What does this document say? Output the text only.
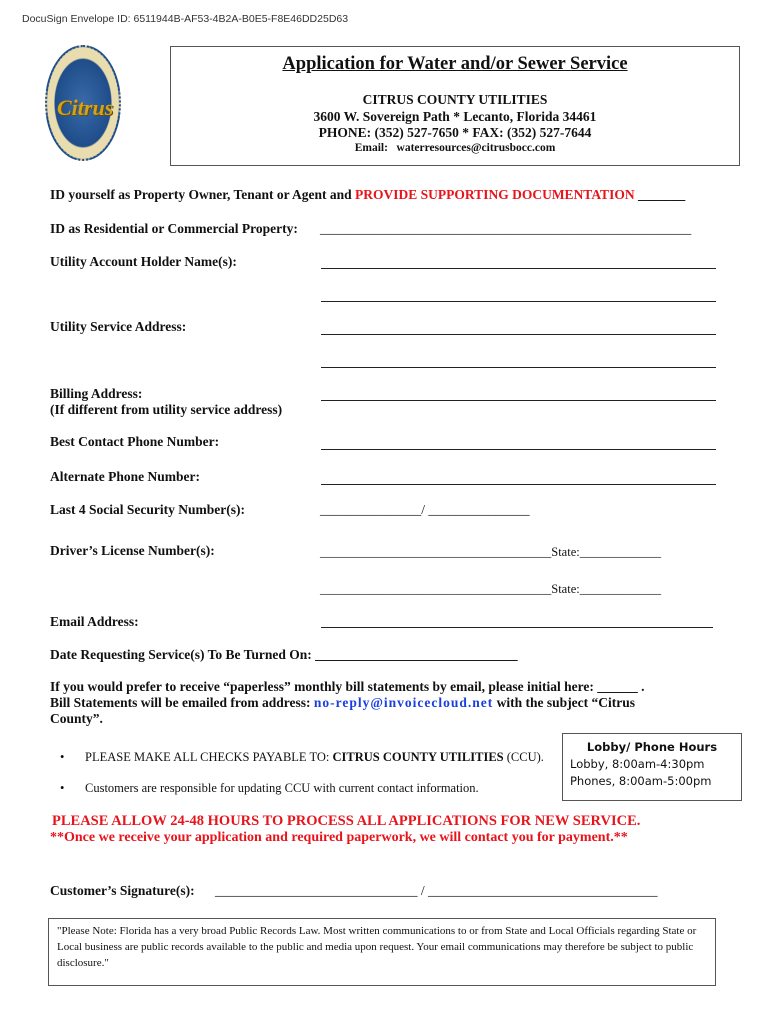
DocuSign Envelope ID: 6511944B-AF53-4B2A-B0E5-F8E46DD25D63
Citrus
Application for Water and/or Sewer Service
CITRUS COUNTY UTILITIES
3600 W. Sovereign Path * Lecanto, Florida 34461
PHONE: (352) 527-7650 * FAX: (352) 527-7644
Email: waterresources@citrusbocc.com
ID yourself as Property Owner, Tenant or Agent and PROVIDE SUPPORTING DOCUMENTATION _______
ID as Residential or Commercial Property: _______________________________________________________
Utility Account Holder Name(s):
Utility Service Address:
Billing Address:
(If different from utility service address)
Best Contact Phone Number:
Alternate Phone Number:
Last 4 Social Security Number(s):	_______________/ _______________
Driver’s License Number(s):	_____________________________________State:_____________
_____________________________________State:_____________
Email Address:
Date Requesting Service(s) To Be Turned On: ______________________________
If you would prefer to receive “paperless” monthly bill statements by email, please initial here: ______ .
Bill Statements will be emailed from address: no-reply@invoicecloud.net with the subject “Citrus
County”.
• PLEASE MAKE ALL CHECKS PAYABLE TO: CITRUS COUNTY UTILITIES (CCU).
• Customers are responsible for updating CCU with current contact information.
Lobby/ Phone Hours
Lobby, 8:00am-4:30pm
Phones, 8:00am-5:00pm
PLEASE ALLOW 24-48 HOURS TO PROCESS ALL APPLICATIONS FOR NEW SERVICE.
**Once we receive your application and required paperwork, we will contact you for payment.**
Customer’s Signature(s): ______________________________ / __________________________________
"Please Note: Florida has a very broad Public Records Law. Most written communications to or from State and Local Officials regarding State or Local business are public records available to the public and media upon request. Your email communications may therefore be subject to public disclosure."
